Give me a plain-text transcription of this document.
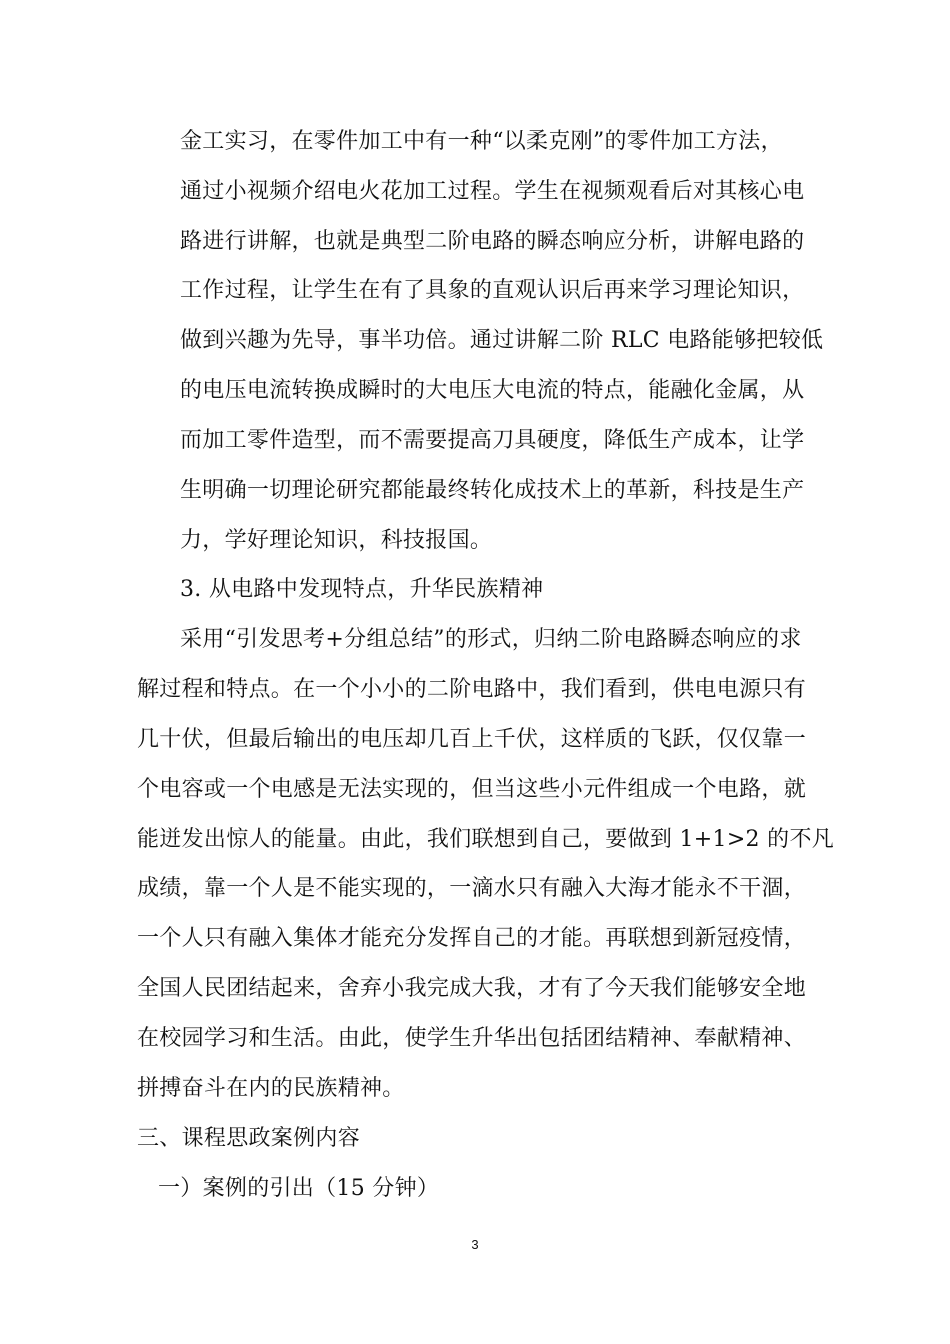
金工实习，在零件加工中有一种“以柔克刚”的零件加工方法，
通过小视频介绍电火花加工过程。学生在视频观看后对其核心电
路进行讲解，也就是典型二阶电路的瞬态响应分析，讲解电路的
工作过程，让学生在有了具象的直观认识后再来学习理论知识，
做到兴趣为先导，事半功倍。通过讲解二阶 RLC 电路能够把较低
的电压电流转换成瞬时的大电压大电流的特点，能融化金属，从
而加工零件造型，而不需要提高刀具硬度，降低生产成本，让学
生明确一切理论研究都能最终转化成技术上的革新，科技是生产
力，学好理论知识，科技报国。
3. 从电路中发现特点，升华民族精神
采用“引发思考+分组总结”的形式，归纳二阶电路瞬态响应的求
解过程和特点。在一个小小的二阶电路中，我们看到，供电电源只有
几十伏，但最后输出的电压却几百上千伏，这样质的飞跃，仅仅靠一
个电容或一个电感是无法实现的，但当这些小元件组成一个电路，就
能迸发出惊人的能量。由此，我们联想到自己，要做到 1+1>2 的不凡
成绩，靠一个人是不能实现的，一滴水只有融入大海才能永不干涸，
一个人只有融入集体才能充分发挥自己的才能。再联想到新冠疫情，
全国人民团结起来，舍弃小我完成大我，才有了今天我们能够安全地
在校园学习和生活。由此，使学生升华出包括团结精神、奉献精神、
拼搏奋斗在内的民族精神。
三、课程思政案例内容
一）案例的引出（15 分钟）
3
